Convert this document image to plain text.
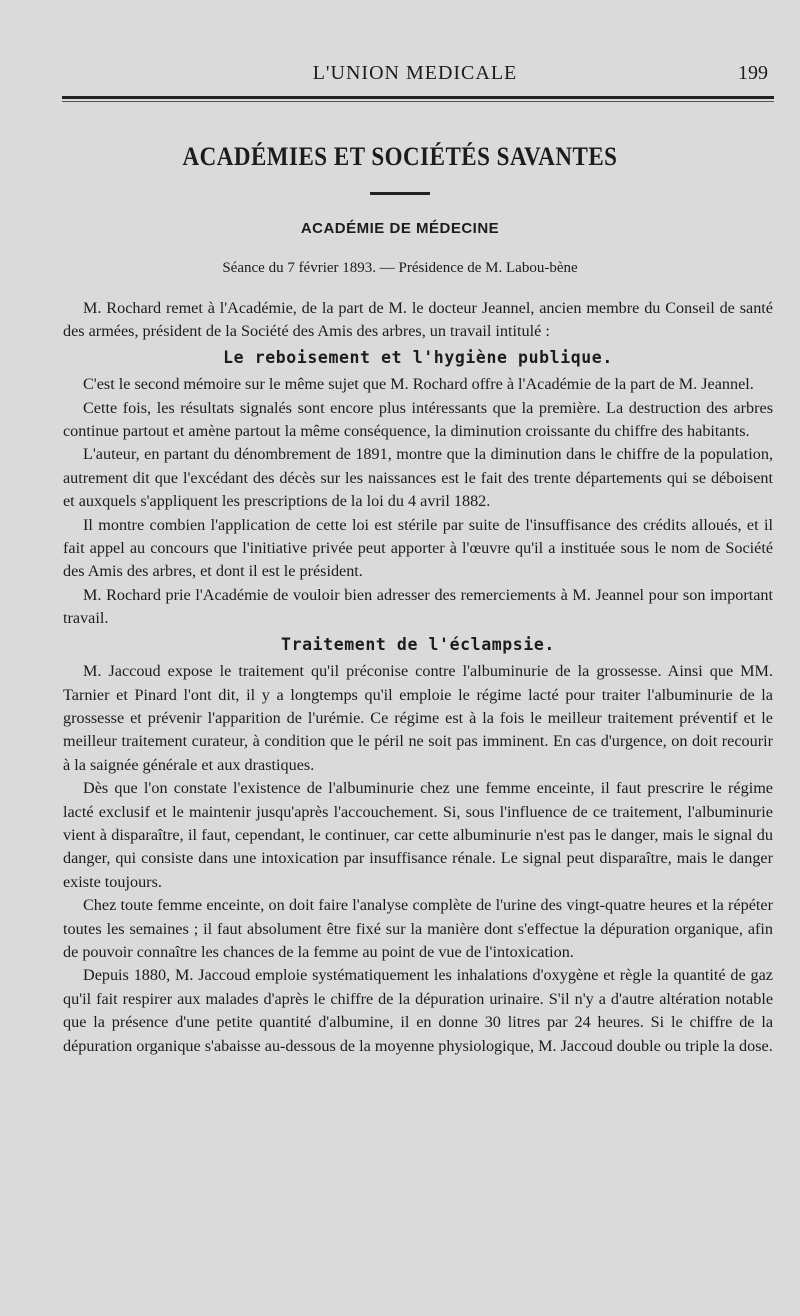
L'UNION MEDICALE	199
ACADÉMIES ET SOCIÉTÉS SAVANTES
ACADÉMIE DE MÉDECINE
Séance du 7 février 1893. — Présidence de M. Labou-bène

M. Rochard remet à l'Académie, de la part de M. le docteur Jeannel, ancien membre du Conseil de santé des armées, président de la Société des Amis des arbres, un travail intitulé :

Le reboisement et l'hygiène publique.

C'est le second mémoire sur le même sujet que M. Rochard offre à l'Académie de la part de M. Jeannel.

Cette fois, les résultats signalés sont encore plus intéressants que la première. La destruction des arbres continue partout et amène partout la même conséquence, la diminution croissante du chiffre des habitants.

L'auteur, en partant du dénombrement de 1891, montre que la diminution dans le chiffre de la population, autrement dit que l'excédant des décès sur les naissances est le fait des trente départements qui se déboisent et auxquels s'appliquent les prescriptions de la loi du 4 avril 1882.

Il montre combien l'application de cette loi est stérile par suite de l'insuffisance des crédits alloués, et il fait appel au concours que l'initiative privée peut apporter à l'œuvre qu'il a instituée sous le nom de Société des Amis des arbres, et dont il est le président.

M. Rochard prie l'Académie de vouloir bien adresser des remerciements à M. Jeannel pour son important travail.

Traitement de l'éclampsie.

M. Jaccoud expose le traitement qu'il préconise contre l'albuminurie de la grossesse. Ainsi que MM. Tarnier et Pinard l'ont dit, il y a longtemps qu'il emploie le régime lacté pour traiter l'albuminurie de la grossesse et prévenir l'apparition de l'urémie. Ce régime est à la fois le meilleur traitement préventif et le meilleur traitement curateur, à condition que le péril ne soit pas imminent. En cas d'urgence, on doit recourir à la saignée générale et aux drastiques.

Dès que l'on constate l'existence de l'albuminurie chez une femme enceinte, il faut prescrire le régime lacté exclusif et le maintenir jusqu'après l'accouchement. Si, sous l'influence de ce traitement, l'albuminurie vient à disparaître, il faut, cependant, le continuer, car cette albuminurie n'est pas le danger, mais le signal du danger, qui consiste dans une intoxication par insuffisance rénale. Le signal peut disparaître, mais le danger existe toujours.

Chez toute femme enceinte, on doit faire l'analyse complète de l'urine des vingt-quatre heures et la répéter toutes les semaines ; il faut absolument être fixé sur la manière dont s'effectue la dépuration organique, afin de pouvoir connaître les chances de la femme au point de vue de l'intoxication.

Depuis 1880, M. Jaccoud emploie systématiquement les inhalations d'oxygène et règle la quantité de gaz qu'il fait respirer aux malades d'après le chiffre de la dépuration urinaire. S'il n'y a d'autre altération notable que la présence d'une petite quantité d'albumine, il en donne 30 litres par 24 heures. Si le chiffre de la dépuration organique s'abaisse au-dessous de la moyenne physiologique, M. Jaccoud double ou triple la dose.
